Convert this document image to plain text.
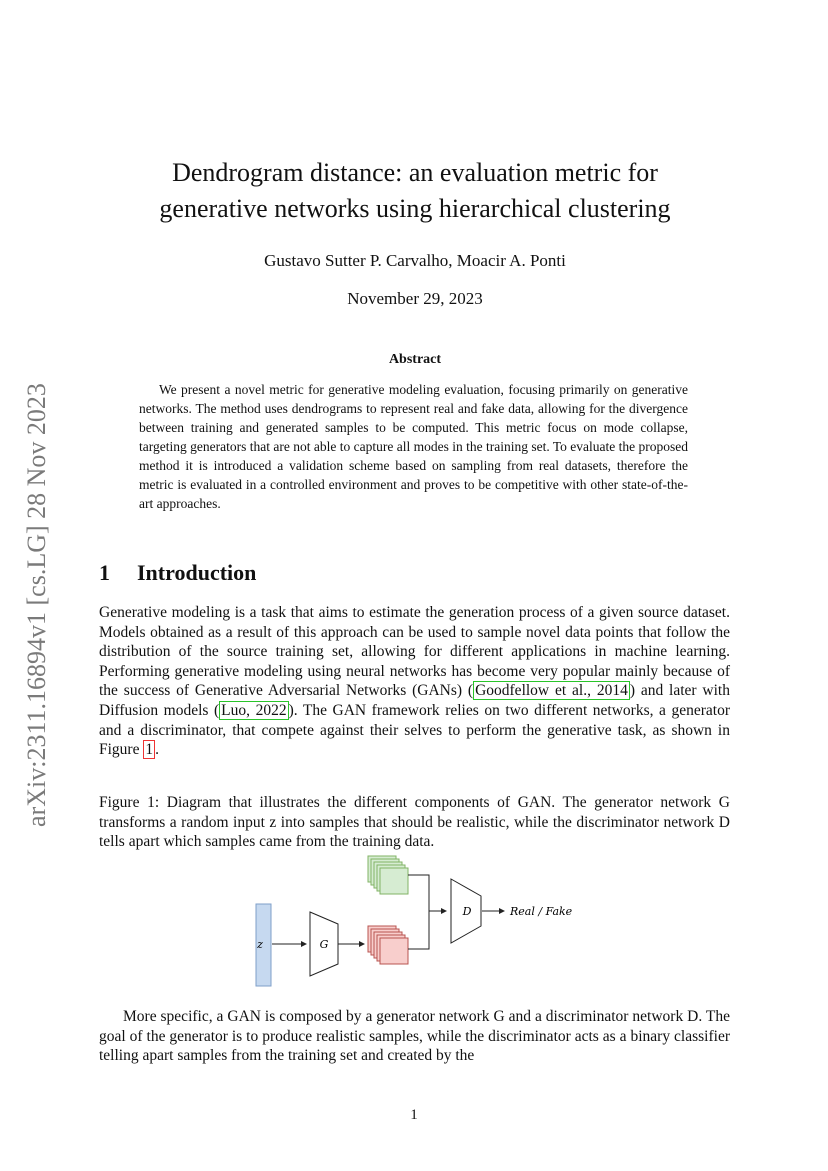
arXiv:2311.16894v1 [cs.LG] 28 Nov 2023
Dendrogram distance: an evaluation metric for
generative networks using hierarchical clustering
Gustavo Sutter P. Carvalho, Moacir A. Ponti
November 29, 2023
Abstract

We present a novel metric for generative modeling evaluation, focusing primarily on generative networks. The method uses dendrograms to represent real and fake data, allowing for the divergence between training and generated samples to be computed. This metric focus on mode collapse, targeting generators that are not able to capture all modes in the training set. To evaluate the proposed method it is introduced a validation scheme based on sampling from real datasets, therefore the metric is evaluated in a controlled environment and proves to be competitive with other state-of-the-art approaches.

1 Introduction

Generative modeling is a task that aims to estimate the generation process of a given source dataset. Models obtained as a result of this approach can be used to sample novel data points that follow the distribution of the source training set, allowing for different applications in machine learning. Performing generative modeling using neural networks has become very popular mainly because of the success of Generative Adversarial Networks (GANs) ( Goodfellow et al., 2014 ) and later with Diffusion models ( Luo, 2022 ). The GAN framework relies on two different networks, a generator and a discriminator, that compete against their selves to perform the generative task, as shown in Figure 1 .

Figure 1: Diagram that illustrates the different components of GAN. The generator network G transforms a random input z into samples that should be realistic, while the discriminator network D tells apart which samples came from the training data.

z	G
D	Real / Fake

More specific, a GAN is composed by a generator network G and a discriminator network D. The goal of the generator is to produce realistic samples, while the discriminator acts as a binary classifier telling apart samples from the training set and created by the

1
